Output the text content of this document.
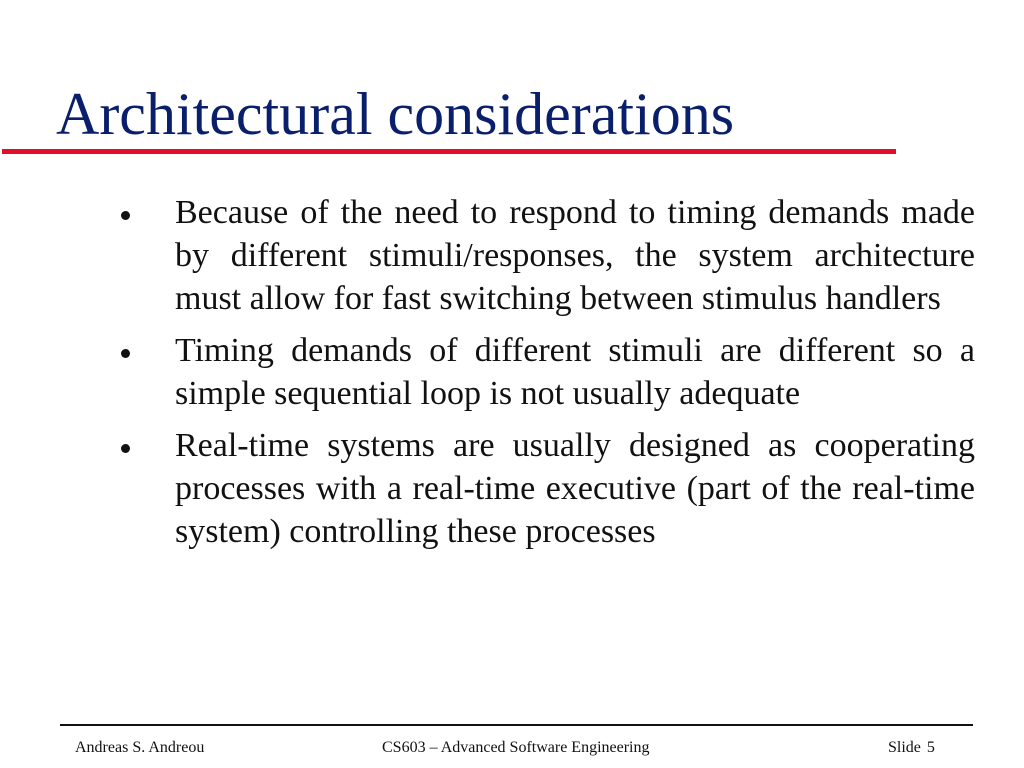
Architectural considerations
Because of the need to respond to timing demands made by different stimuli/responses, the system architecture must allow for fast switching between stimulus handlers
Timing demands of different stimuli are different so a simple sequential loop is not usually adequate
Real-time systems are usually designed as cooperating processes with a real-time executive (part of the real-time system) controlling these processes
Andreas S. Andreou	CS603 – Advanced Software Engineering	Slide 5
